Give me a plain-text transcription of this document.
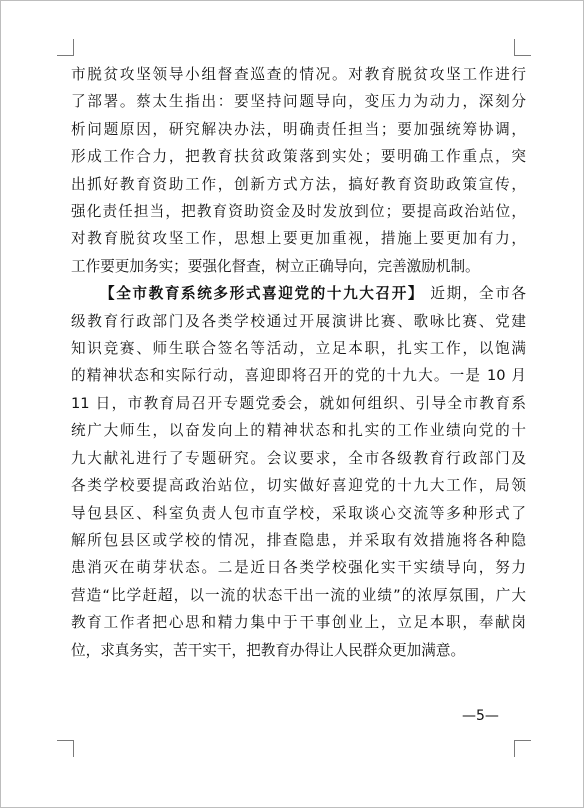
市脱贫攻坚领导小组督查巡查的情况。对教育脱贫攻坚工作进行
了部署。蔡太生指出：要坚持问题导向，变压力为动力，深刻分
析问题原因，研究解决办法，明确责任担当；要加强统筹协调，
形成工作合力，把教育扶贫政策落到实处；要明确工作重点，突
出抓好教育资助工作，创新方式方法，搞好教育资助政策宣传，
强化责任担当，把教育资助资金及时发放到位；要提高政治站位，
对教育脱贫攻坚工作，思想上要更加重视，措施上要更加有力，
工作要更加务实；要强化督查，树立正确导向，完善激励机制。
【全市教育系统多形式喜迎党的十九大召开】 近期，全市各
级教育行政部门及各类学校通过开展演讲比赛、歌咏比赛、党建
知识竞赛、师生联合签名等活动，立足本职，扎实工作，以饱满
的精神状态和实际行动，喜迎即将召开的党的十九大。一是 10 月
11 日，市教育局召开专题党委会，就如何组织、引导全市教育系
统广大师生，以奋发向上的精神状态和扎实的工作业绩向党的十
九大献礼进行了专题研究。会议要求，全市各级教育行政部门及
各类学校要提高政治站位，切实做好喜迎党的十九大工作，局领
导包县区、科室负责人包市直学校，采取谈心交流等多种形式了
解所包县区或学校的情况，排查隐患，并采取有效措施将各种隐
患消灭在萌芽状态。二是近日各类学校强化实干实绩导向，努力
营造“比学赶超，以一流的状态干出一流的业绩”的浓厚氛围，广大
教育工作者把心思和精力集中于干事创业上，立足本职，奉献岗
位，求真务实，苦干实干，把教育办得让人民群众更加满意。
—5—
